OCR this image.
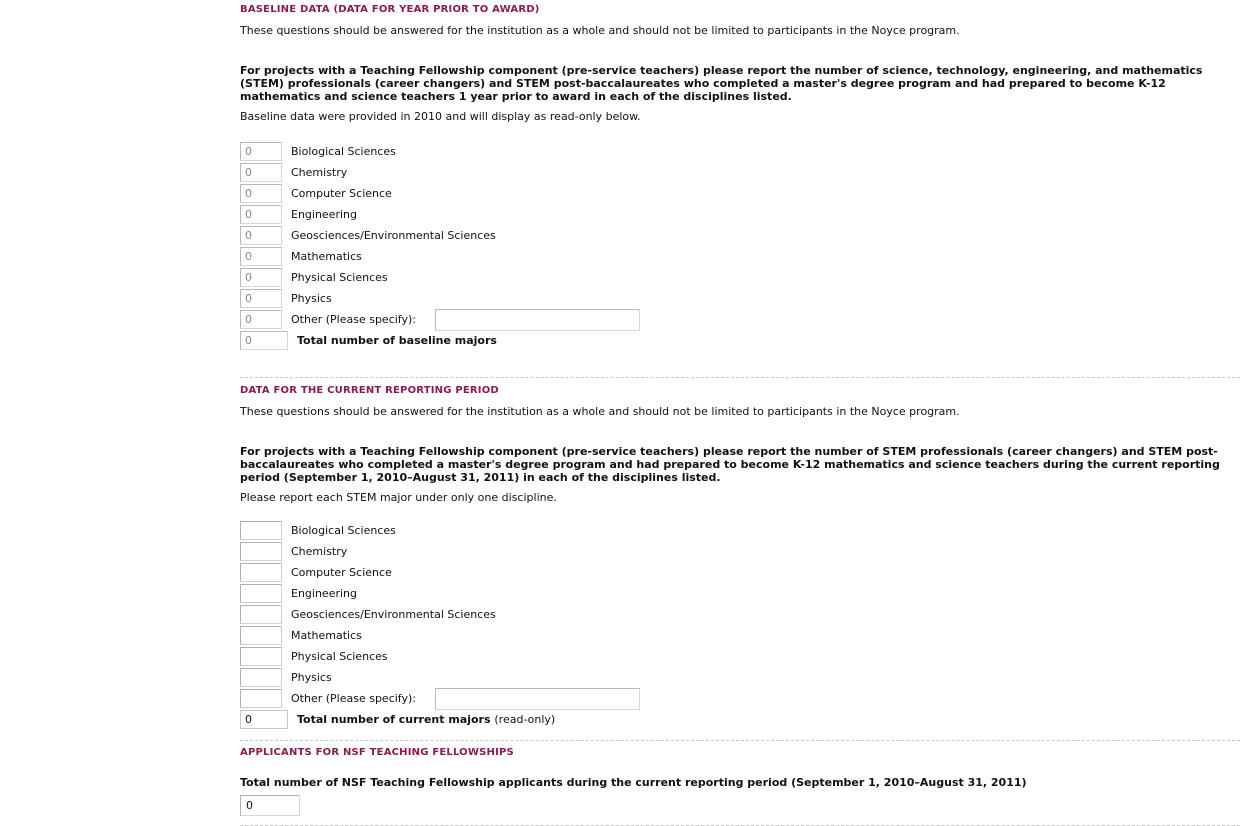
BASELINE DATA (DATA FOR YEAR PRIOR TO AWARD)
These questions should be answered for the institution as a whole and should not be limited to participants in the Noyce program.

For projects with a Teaching Fellowship component (pre-service teachers) please report the number of science, technology, engineering, and mathematics (STEM) professionals (career changers) and STEM post-baccalaureates who completed a master's degree program and had prepared to become K-12 mathematics and science teachers 1 year prior to award in each of the disciplines listed.

Baseline data were provided in 2010 and will display as read-only below.
0
Biological Sciences
0
Chemistry
0
Computer Science
0
Engineering
0
Geosciences/Environmental Sciences
0
Mathematics
0
Physical Sciences
0
Physics
0
Other (Please specify):
0
Total number of baseline majors
DATA FOR THE CURRENT REPORTING PERIOD
These questions should be answered for the institution as a whole and should not be limited to participants in the Noyce program.

For projects with a Teaching Fellowship component (pre-service teachers) please report the number of STEM professionals (career changers) and STEM post-baccalaureates who completed a master's degree program and had prepared to become K-12 mathematics and science teachers during the current reporting period (September 1, 2010–August 31, 2011) in each of the disciplines listed.

Please report each STEM major under only one discipline.
Biological Sciences
Chemistry
Computer Science
Engineering
Geosciences/Environmental Sciences
Mathematics
Physical Sciences
Physics
Other (Please specify):
0
Total number of current majors (read-only)
APPLICANTS FOR NSF TEACHING FELLOWSHIPS
Total number of NSF Teaching Fellowship applicants during the current reporting period (September 1, 2010–August 31, 2011)
0
